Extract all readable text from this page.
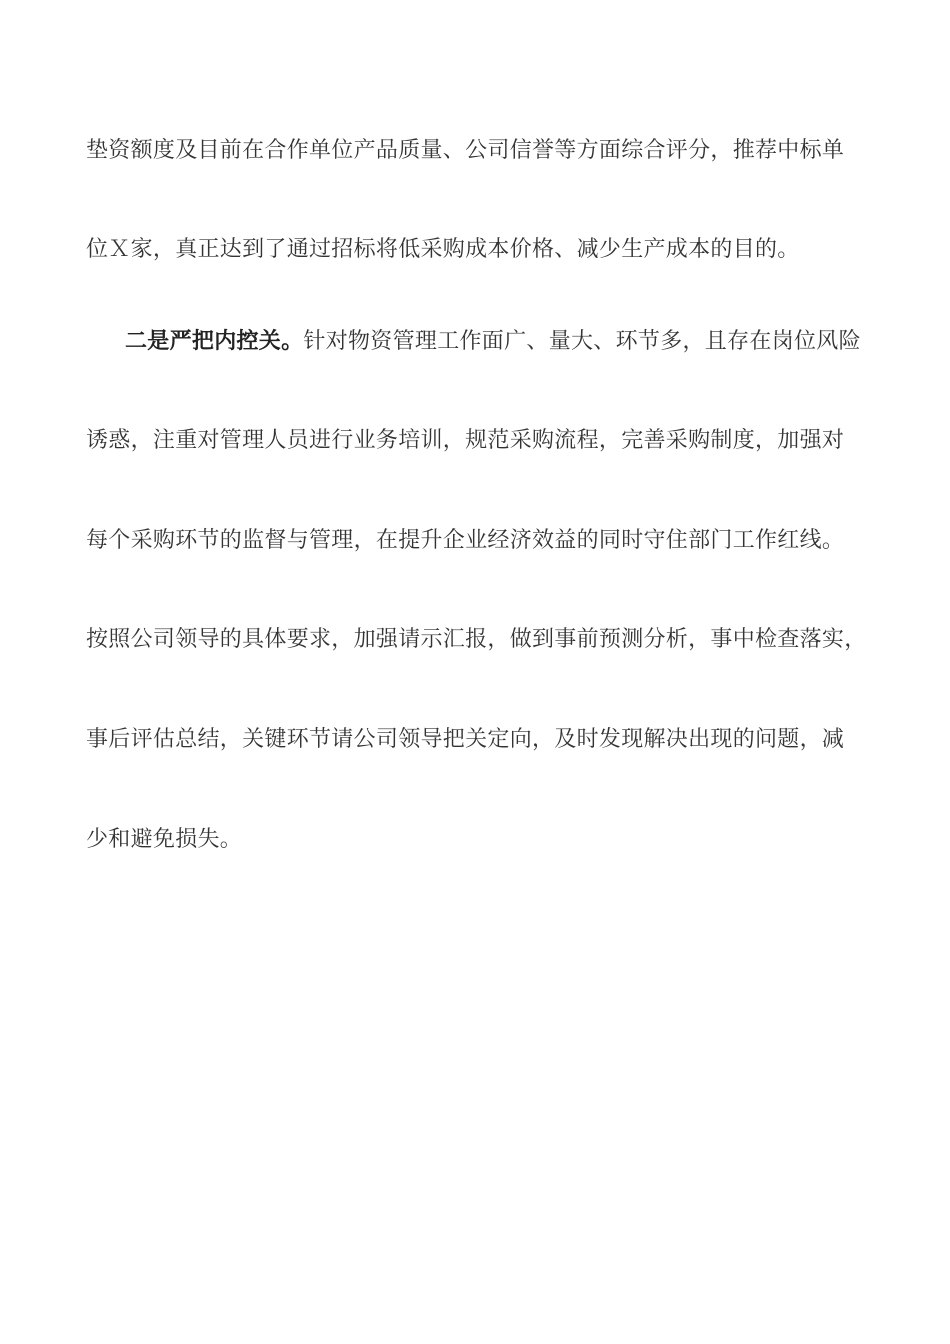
垫资额度及目前在合作单位产品质量、公司信誉等方面综合评分，推荐中标单
位Ｘ家，真正达到了通过招标将低采购成本价格、减少生产成本的目的。
二是严把内控关。针对物资管理工作面广、量大、环节多，且存在岗位风险
诱惑，注重对管理人员进行业务培训，规范采购流程，完善采购制度，加强对
每个采购环节的监督与管理，在提升企业经济效益的同时守住部门工作红线。
按照公司领导的具体要求，加强请示汇报，做到事前预测分析，事中检查落实，
事后评估总结，关键环节请公司领导把关定向，及时发现解决出现的问题，减
少和避免损失。
